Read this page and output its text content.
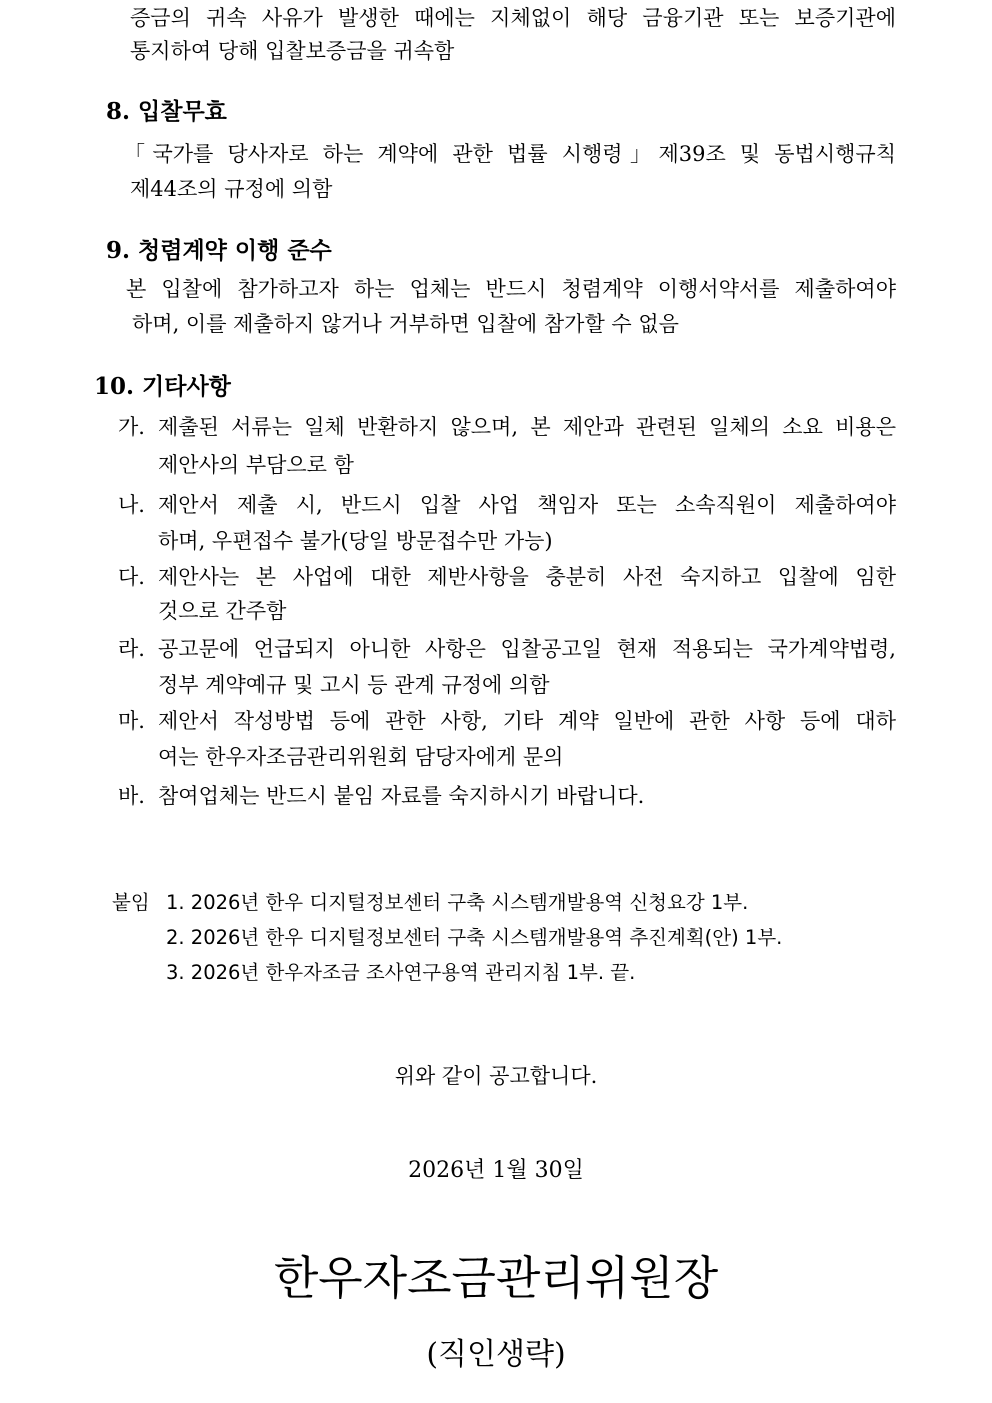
증금의 귀속 사유가 발생한 때에는 지체없이 해당 금융기관 또는 보증기관에
통지하여 당해 입찰보증금을 귀속함
8. 입찰무효
「국가를 당사자로 하는 계약에 관한 법률 시행령」제39조 및 동법시행규칙
제44조의 규정에 의함
9. 청렴계약 이행 준수
본 입찰에 참가하고자 하는 업체는 반드시 청렴계약 이행서약서를 제출하여야
하며, 이를 제출하지 않거나 거부하면 입찰에 참가할 수 없음
10. 기타사항
가. 제출된 서류는 일체 반환하지 않으며, 본 제안과 관련된 일체의 소요 비용은
제안사의 부담으로 함
나. 제안서 제출 시, 반드시 입찰 사업 책임자 또는 소속직원이 제출하여야
하며, 우편접수 불가(당일 방문접수만 가능)
다. 제안사는 본 사업에 대한 제반사항을 충분히 사전 숙지하고 입찰에 임한
것으로 간주함
라. 공고문에 언급되지 아니한 사항은 입찰공고일 현재 적용되는 국가계약법령,
정부 계약예규 및 고시 등 관계 규정에 의함
마. 제안서 작성방법 등에 관한 사항, 기타 계약 일반에 관한 사항 등에 대하
여는 한우자조금관리위원회 담당자에게 문의
바. 참여업체는 반드시 붙임 자료를 숙지하시기 바랍니다.
붙임 1. 2026년 한우 디지털정보센터 구축 시스템개발용역 신청요강 1부.
2. 2026년 한우 디지털정보센터 구축 시스템개발용역 추진계획(안) 1부.
3. 2026년 한우자조금 조사연구용역 관리지침 1부. 끝.
위와 같이 공고합니다.
2026년 1월 30일
한우자조금관리위원장
(직인생략)
